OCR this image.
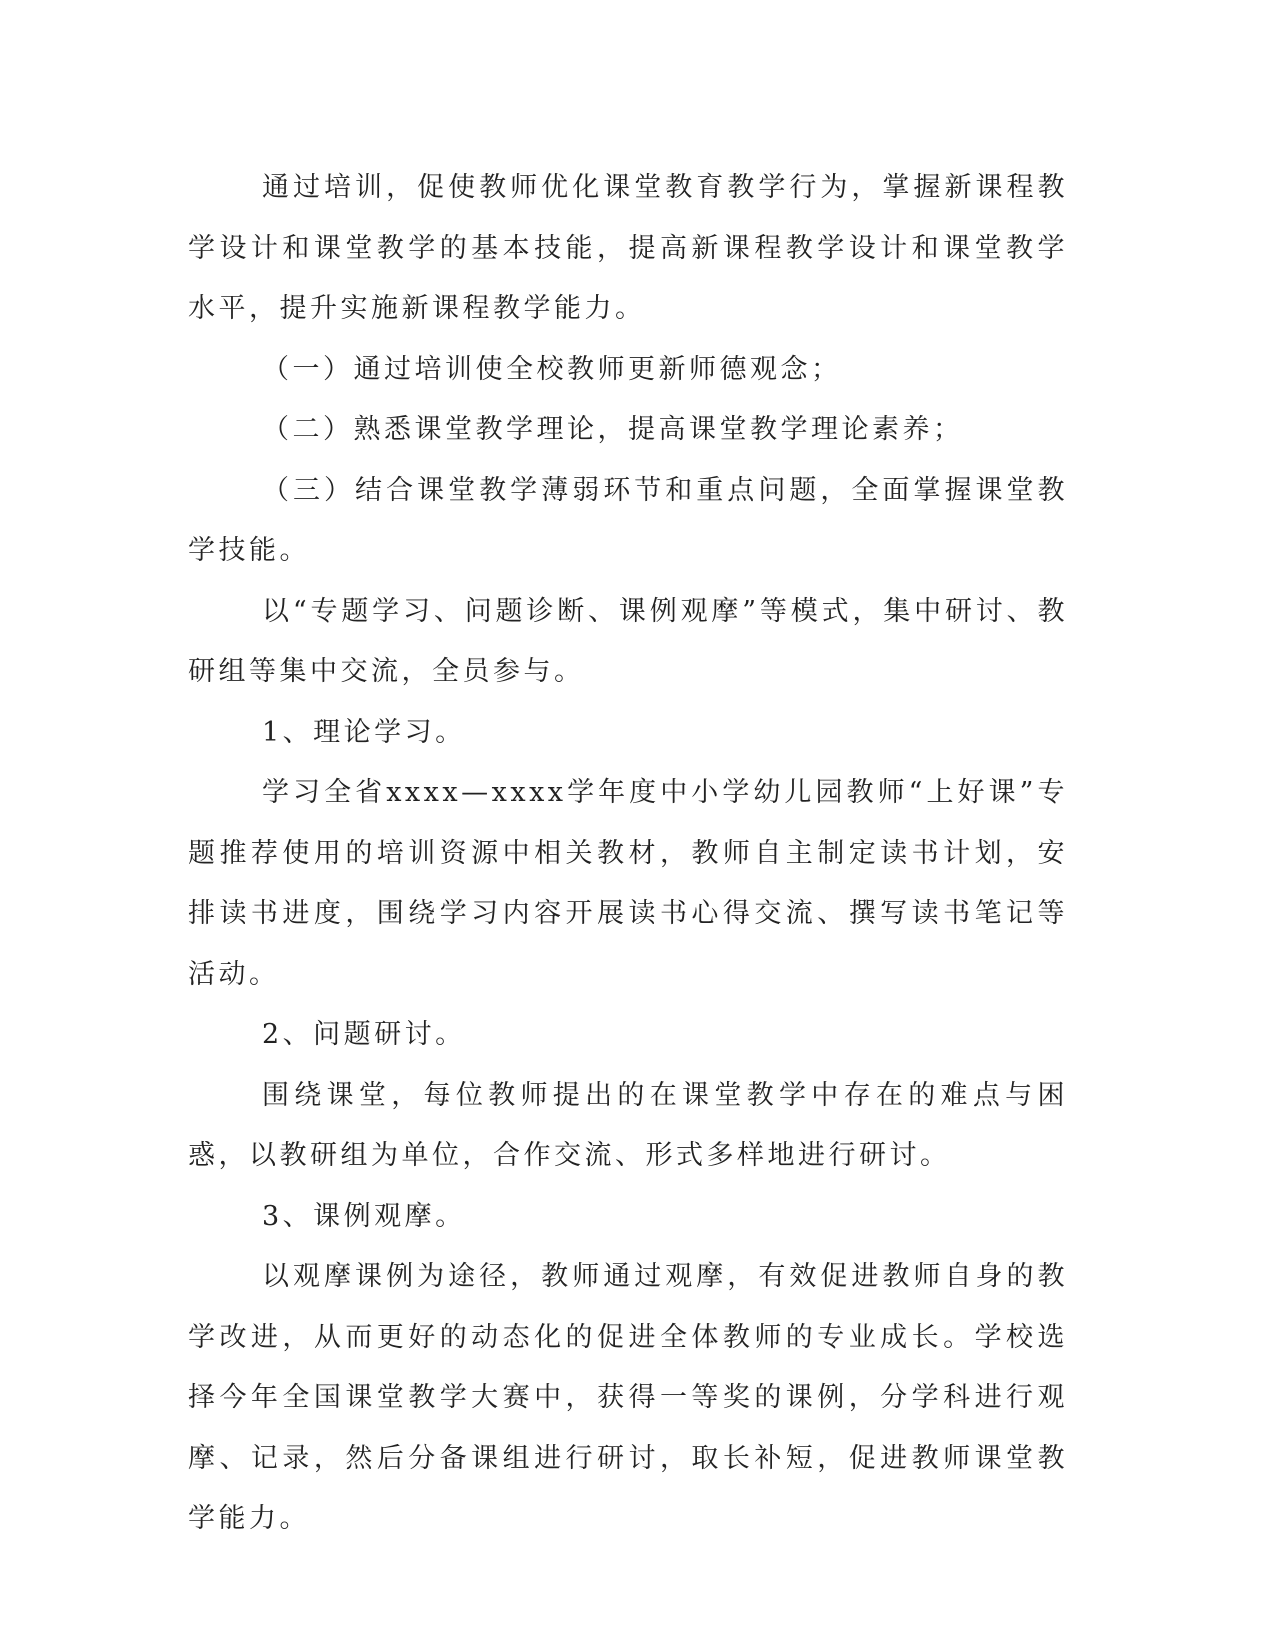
通过培训，促使教师优化课堂教育教学行为，掌握新课程教学设计和课堂教学的基本技能，提高新课程教学设计和课堂教学水平，提升实施新课程教学能力。

（一）通过培训使全校教师更新师德观念；

（二）熟悉课堂教学理论，提高课堂教学理论素养；

（三）结合课堂教学薄弱环节和重点问题，全面掌握课堂教学技能。

以“专题学习、问题诊断、课例观摩”等模式，集中研讨、教研组等集中交流，全员参与。

1、理论学习。

学习全省xxxx—xxxx学年度中小学幼儿园教师“上好课”专题推荐使用的培训资源中相关教材，教师自主制定读书计划，安排读书进度，围绕学习内容开展读书心得交流、撰写读书笔记等活动。

2、问题研讨。

围绕课堂，每位教师提出的在课堂教学中存在的难点与困惑，以教研组为单位，合作交流、形式多样地进行研讨。

3、课例观摩。

以观摩课例为途径，教师通过观摩，有效促进教师自身的教学改进，从而更好的动态化的促进全体教师的专业成长。学校选择今年全国课堂教学大赛中，获得一等奖的课例，分学科进行观摩、记录，然后分备课组进行研讨，取长补短，促进教师课堂教学能力。
